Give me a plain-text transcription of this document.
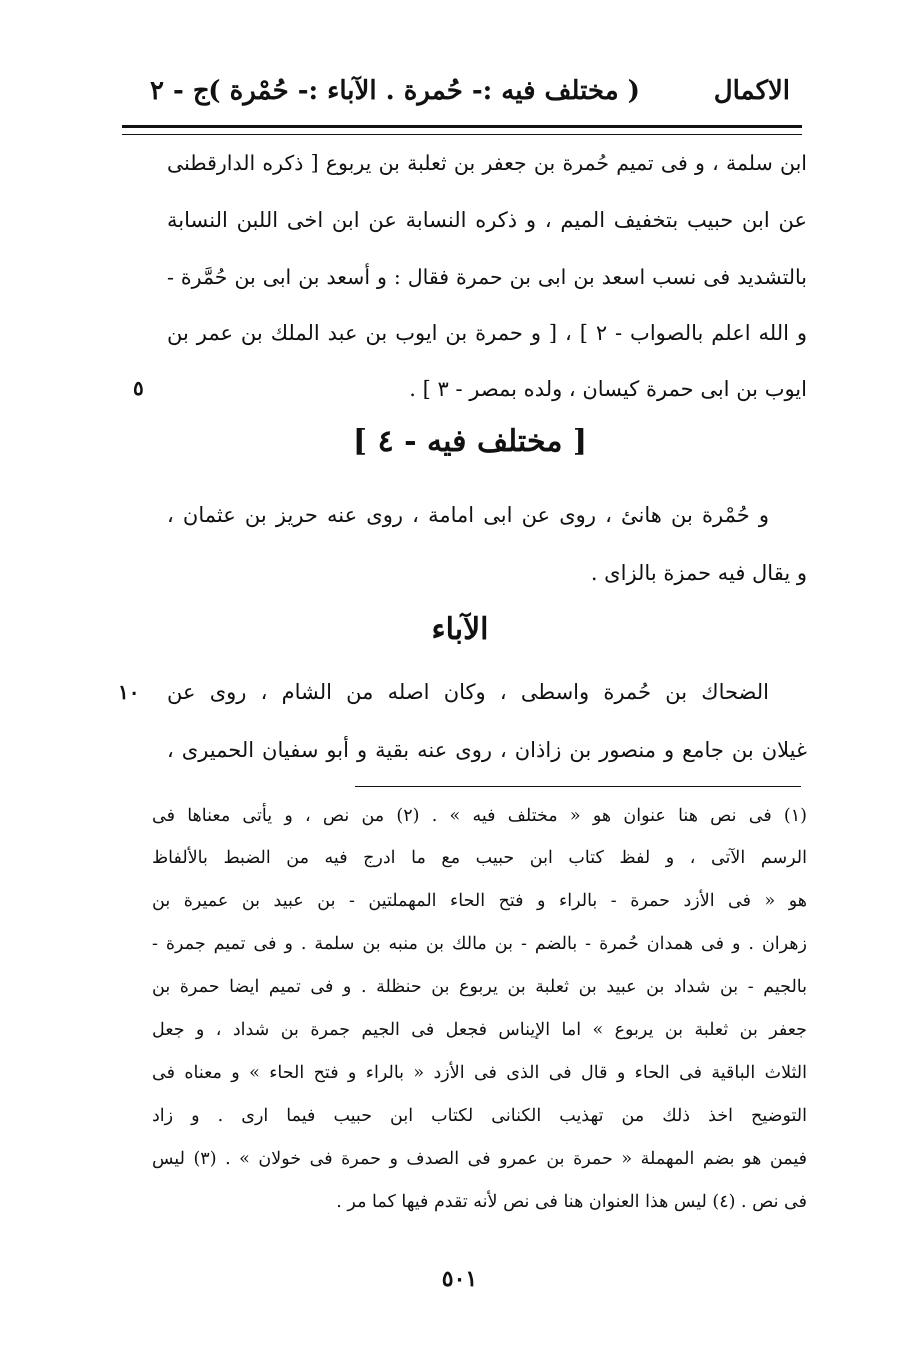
الاكمال
( مختلف فيه :- حُمرة . الآباء :- حُمْرة )
ج - ٢
ابن سلمة ، و فى تميم حُمرة بن جعفر بن ثعلبة بن يربوع [ ذكره الدارقطنى
عن ابن حبيب بتخفيف الميم ، و ذكره النسابة عن ابن اخى اللبن النسابة
بالتشديد فى نسب اسعد بن ابى بن حمرة فقال : و أسعد بن ابى بن حُمَّرة -
و الله اعلم بالصواب - ٢ ] ، [ و حمرة بن ايوب بن عبد الملك بن عمر بن
ايوب بن ابى حمرة كيسان ، ولده بمصر - ٣ ] .
٥
[ مختلف فيه - ٤ ]
و حُمْرة بن هانئ ، روى عن ابى امامة ، روى عنه حريز بن عثمان ،
و يقال فيه حمزة بالزاى .
الآباء
الضحاك بن حُمرة واسطى ، وكان اصله من الشام ، روى عن
١٠
غيلان بن جامع و منصور بن زاذان ، روى عنه بقية و أبو سفيان الحميرى ،
(١) فى نص هنا عنوان هو « مختلف فيه » . (٢) من نص ، و يأتى معناها فى
الرسم الآتى ، و لفظ كتاب ابن حبيب مع ما ادرج فيه من الضبط بالألفاظ
هو « فى الأزد حمرة - بالراء و فتح الحاء المهملتين - بن عبيد بن عميرة بن
زهران . و فى همدان حُمرة - بالضم - بن مالك بن منبه بن سلمة . و فى تميم جمرة -
بالجيم - بن شداد بن عبيد بن ثعلبة بن يربوع بن حنظلة . و فى تميم ايضا حمرة بن
جعفر بن ثعلبة بن يربوع » اما الإيناس فجعل فى الجيم جمرة بن شداد ، و جعل
الثلاث الباقية فى الحاء و قال فى الذى فى الأزد « بالراء و فتح الحاء » و معناه فى
التوضيح اخذ ذلك من تهذيب الكنانى لكتاب ابن حبيب فيما ارى . و زاد
فيمن هو بضم المهملة « حمرة بن عمرو فى الصدف و حمرة فى خولان » . (٣) ليس
فى نص . (٤) ليس هذا العنوان هنا فى نص لأنه تقدم فيها كما مر .
٥٠١
